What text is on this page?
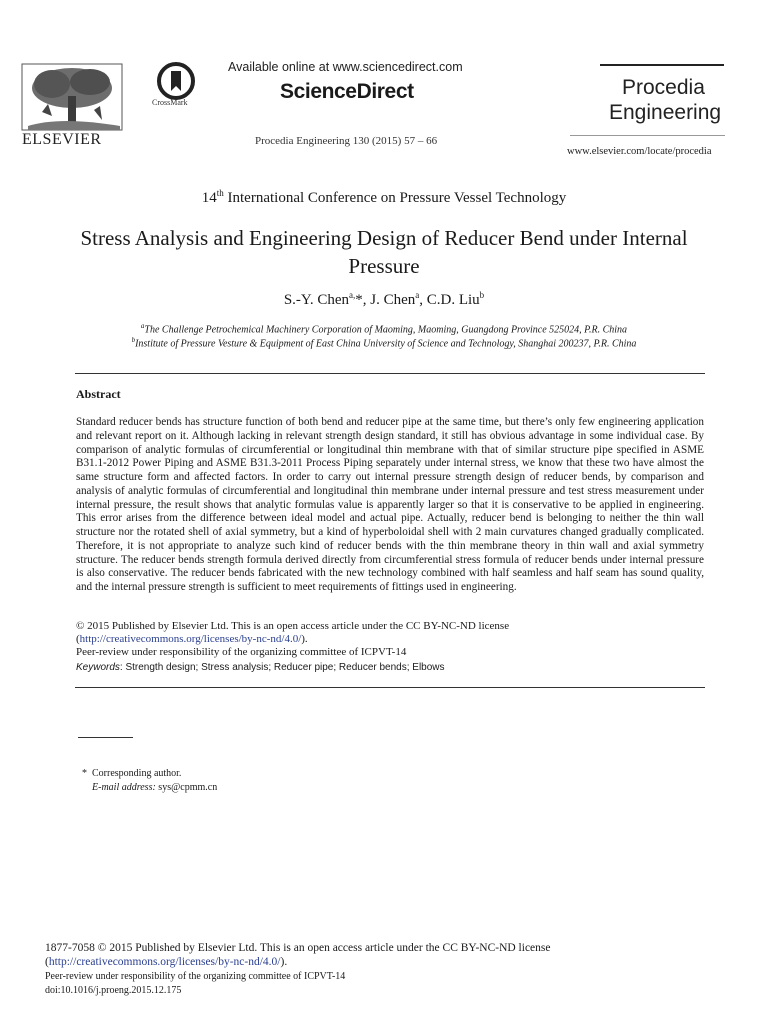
ELSEVIER
CrossMark
Available online at www.sciencedirect.com
ScienceDirect
Procedia Engineering 130 (2015) 57 – 66
Procedia
Engineering
www.elsevier.com/locate/procedia
14th International Conference on Pressure Vessel Technology
Stress Analysis and Engineering Design of Reducer Bend under Internal Pressure
S.-Y. Chen$^{a,}$*, J. Chen$^a$, C.D. Liu$^b$
$^a$The Challenge Petrochemical Machinery Corporation of Maoming, Maoming, Guangdong Province 525024, P.R. China
$^b$Institute of Pressure Vesture & Equipment of East China University of Science and Technology, Shanghai 200237, P.R. China
Abstract
Standard reducer bends has structure function of both bend and reducer pipe at the same time, but there’s only few engineering application and relevant report on it. Although lacking in relevant strength design standard, it still has obvious advantage in some individual case. By comparison of analytic formulas of circumferential or longitudinal thin membrane with that of similar structure pipe specified in ASME B31.1-2012 Power Piping and ASME B31.3-2011 Process Piping separately under internal stress, we know that these two have almost the same structure form and affected factors. In order to carry out internal pressure strength design of reducer bends, by comparison and analysis of analytic formulas of circumferential and longitudinal thin membrane under internal pressure and test stress measurement under internal pressure, the result shows that analytic formulas value is apparently larger so that it is conservative to be applied in engineering. This error arises from the difference between ideal model and actual pipe. Actually, reducer bend is belonging to neither the thin wall structure nor the rotated shell of axial symmetry, but a kind of hyperboloidal shell with 2 main curvatures changed gradually complicated. Therefore, it is not appropriate to analyze such kind of reducer bends with the thin membrane theory in thin wall and axial symmetry structure. The reducer bends strength formula derived directly from circumferential stress formula of reducer bends under internal pressure is also conservative. The reducer bends fabricated with the new technology combined with half seamless and half seam has sound quality, and the internal pressure strength is sufficient to meet requirements of fittings used in engineering.
© 2015 Published by Elsevier Ltd. This is an open access article under the CC BY-NC-ND license
(http://creativecommons.org/licenses/by-nc-nd/4.0/).
Peer-review under responsibility of the organizing committee of ICPVT-14
Keywords: Strength design; Stress analysis; Reducer pipe; Reducer bends; Elbows
* Corresponding author.
E-mail address: sys@cpmm.cn
1877-7058 © 2015 Published by Elsevier Ltd. This is an open access article under the CC BY-NC-ND license
(http://creativecommons.org/licenses/by-nc-nd/4.0/).
Peer-review under responsibility of the organizing committee of ICPVT-14
doi:10.1016/j.proeng.2015.12.175
